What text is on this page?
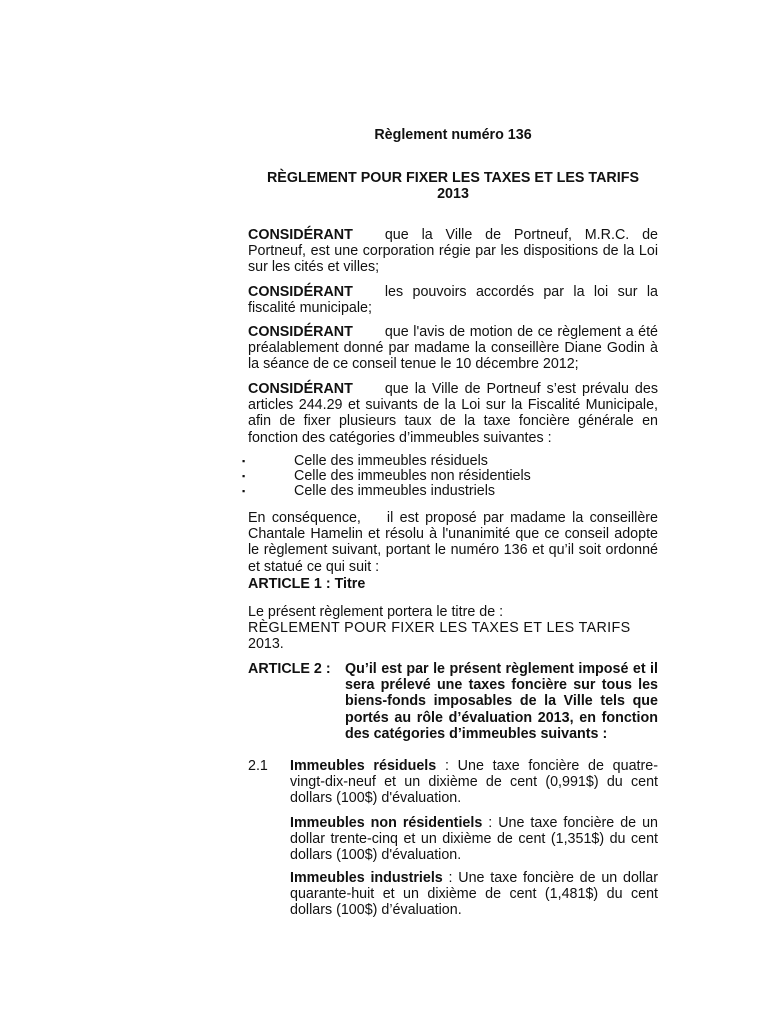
Règlement numéro 136
RÈGLEMENT POUR FIXER LES TAXES ET LES TARIFS
2013
CONSIDÉRANT que la Ville de Portneuf, M.R.C. de Portneuf, est une corporation régie par les dispositions de la Loi sur les cités et villes;
CONSIDÉRANT les pouvoirs accordés par la loi sur la fiscalité municipale;
CONSIDÉRANT que l'avis de motion de ce règlement a été préalablement donné par madame la conseillère Diane Godin à la séance de ce conseil tenue le 10 décembre 2012;
CONSIDÉRANT que la Ville de Portneuf s’est prévalu des articles 244.29 et suivants de la Loi sur la Fiscalité Municipale, afin de fixer plusieurs taux de la taxe foncière générale en fonction des catégories d’immeubles suivantes :
▪	Celle des immeubles résiduels
▪	Celle des immeubles non résidentiels
▪	Celle des immeubles industriels
En conséquence, il est proposé par madame la conseillère Chantale Hamelin et résolu à l'unanimité que ce conseil adopte le règlement suivant, portant le numéro 136 et qu’il soit ordonné et statué ce qui suit :
ARTICLE 1 : Titre
Le présent règlement portera le titre de :
RÈGLEMENT POUR FIXER LES TAXES ET LES TARIFS
2013.
ARTICLE 2 : Qu’il est par le présent règlement imposé et il sera prélevé une taxes foncière sur tous les biens-fonds imposables de la Ville tels que portés au rôle d’évaluation 2013, en fonction des catégories d’immeubles suivants :
2.1 Immeubles résiduels : Une taxe foncière de quatre-vingt-dix-neuf et un dixième de cent (0,991$) du cent dollars (100$) d'évaluation.
Immeubles non résidentiels : Une taxe foncière de un dollar trente-cinq et un dixième de cent (1,351$) du cent dollars (100$) d'évaluation.
Immeubles industriels : Une taxe foncière de un dollar quarante-huit et un dixième de cent (1,481$) du cent dollars (100$) d’évaluation.
